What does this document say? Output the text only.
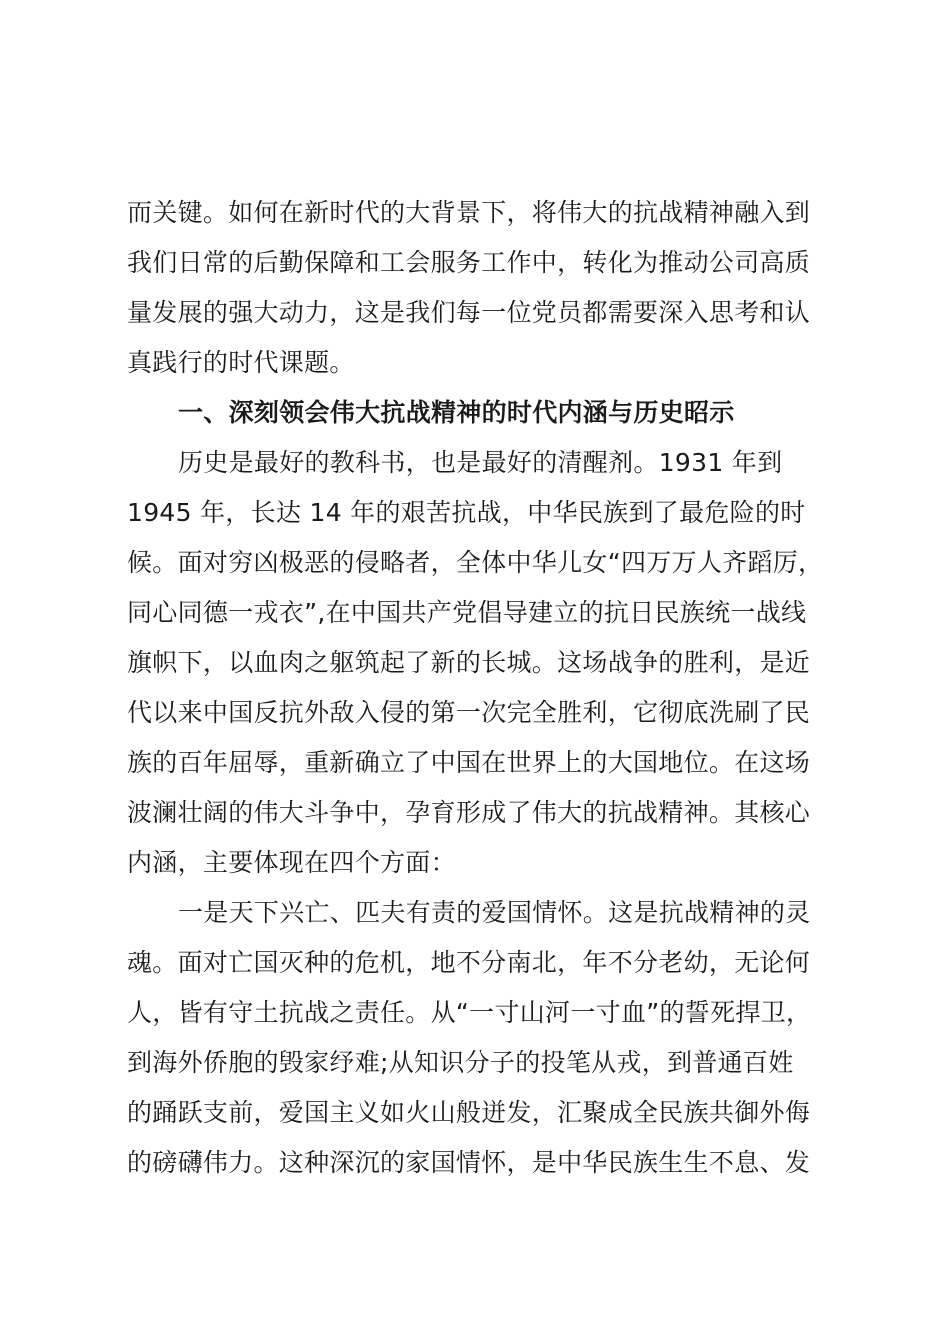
而关键。如何在新时代的大背景下，将伟大的抗战精神融入到
我们日常的后勤保障和工会服务工作中，转化为推动公司高质
量发展的强大动力，这是我们每一位党员都需要深入思考和认
真践行的时代课题。
一、深刻领会伟大抗战精神的时代内涵与历史昭示
历史是最好的教科书，也是最好的清醒剂。1931 年到
1945 年，长达 14 年的艰苦抗战，中华民族到了最危险的时
候。面对穷凶极恶的侵略者，全体中华儿女“四万万人齐蹈厉，
同心同德一戎衣”,在中国共产党倡导建立的抗日民族统一战线
旗帜下，以血肉之躯筑起了新的长城。这场战争的胜利，是近
代以来中国反抗外敌入侵的第一次完全胜利，它彻底洗刷了民
族的百年屈辱，重新确立了中国在世界上的大国地位。在这场
波澜壮阔的伟大斗争中，孕育形成了伟大的抗战精神。其核心
内涵，主要体现在四个方面：
一是天下兴亡、匹夫有责的爱国情怀。这是抗战精神的灵
魂。面对亡国灭种的危机，地不分南北，年不分老幼，无论何
人，皆有守土抗战之责任。从“一寸山河一寸血”的誓死捍卫，
到海外侨胞的毁家纾难;从知识分子的投笔从戎，到普通百姓
的踊跃支前，爱国主义如火山般迸发，汇聚成全民族共御外侮
的磅礴伟力。这种深沉的家国情怀，是中华民族生生不息、发
